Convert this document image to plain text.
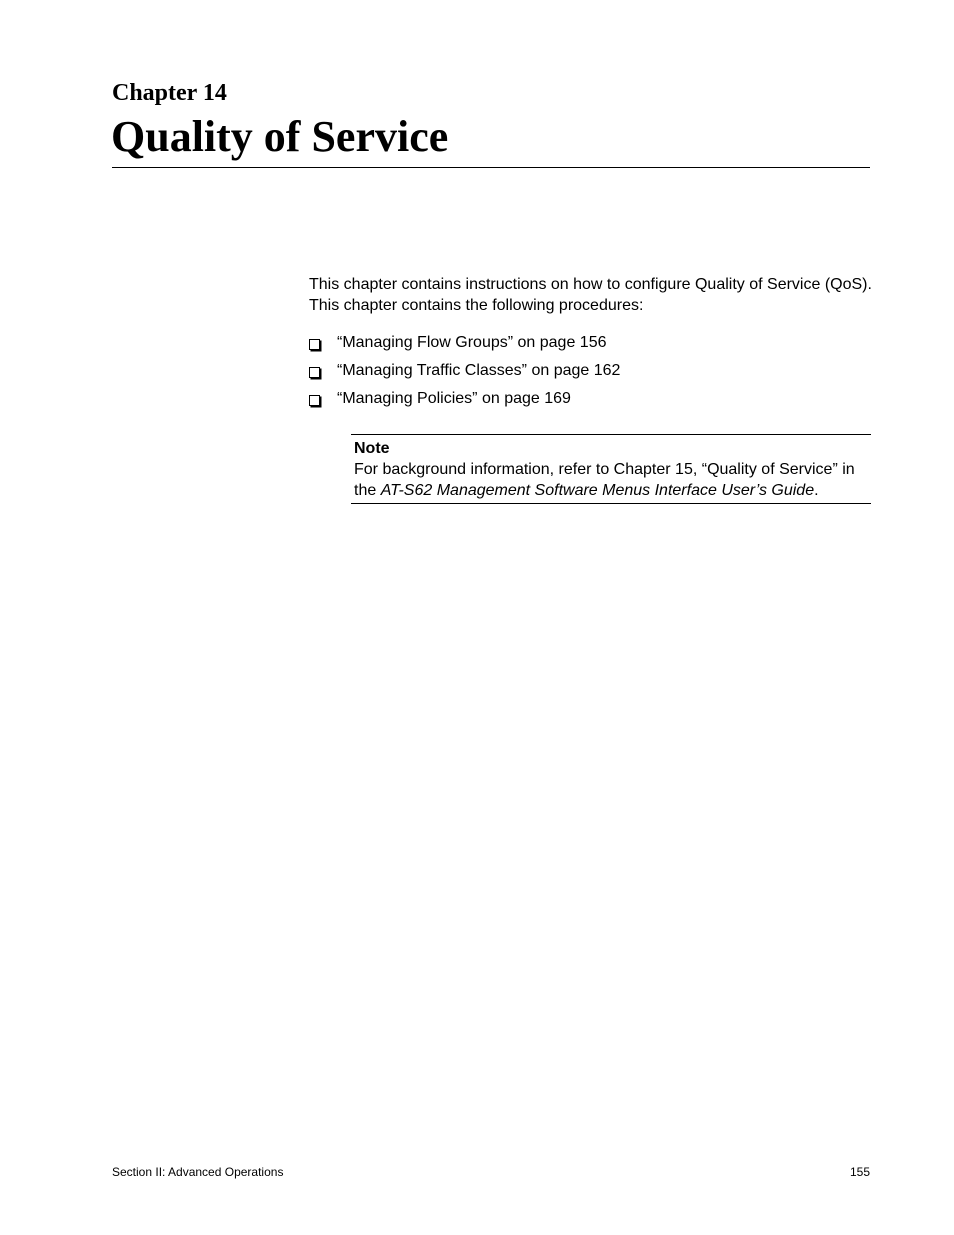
Chapter 14
Quality of Service

This chapter contains instructions on how to configure Quality of Service (QoS). This chapter contains the following procedures:

“Managing Flow Groups” on page 156
“Managing Traffic Classes” on page 162
“Managing Policies” on page 169
Note
For background information, refer to Chapter 15, “Quality of Service” in the AT-S62 Management Software Menus Interface User’s Guide.
Section II: Advanced Operations	155
